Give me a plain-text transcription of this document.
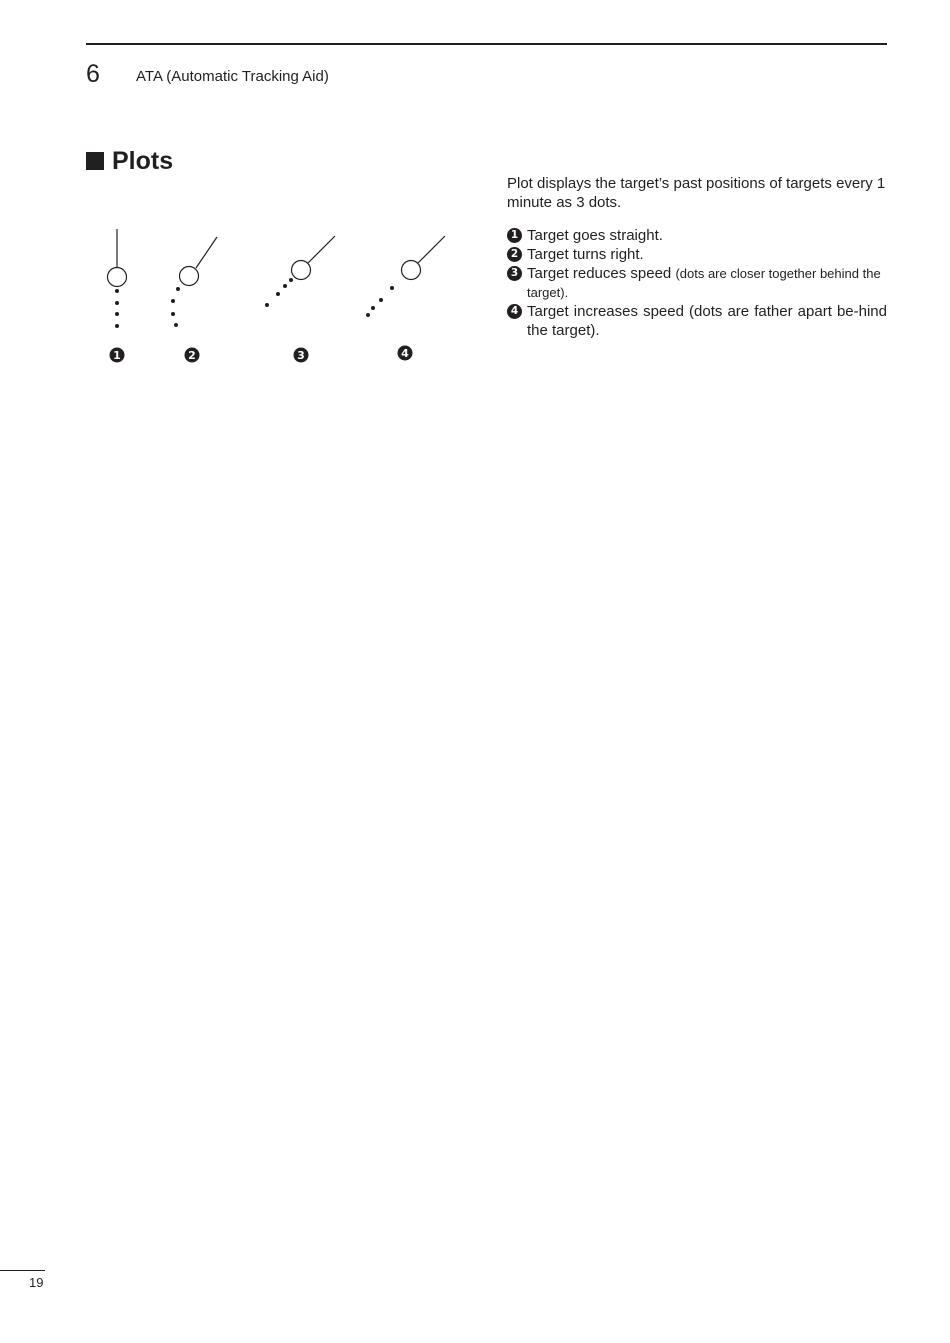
6 ATA (Automatic Tracking Aid)
Plots
1	2	3	4

Plot displays the target’s past positions of targets every 1 minute as 3 dots.

1 Target goes straight.
2 Target turns right.
3 Target reduces speed (dots are closer together behind the target).
4 Target increases speed (dots are father apart be-hind the target).
19
